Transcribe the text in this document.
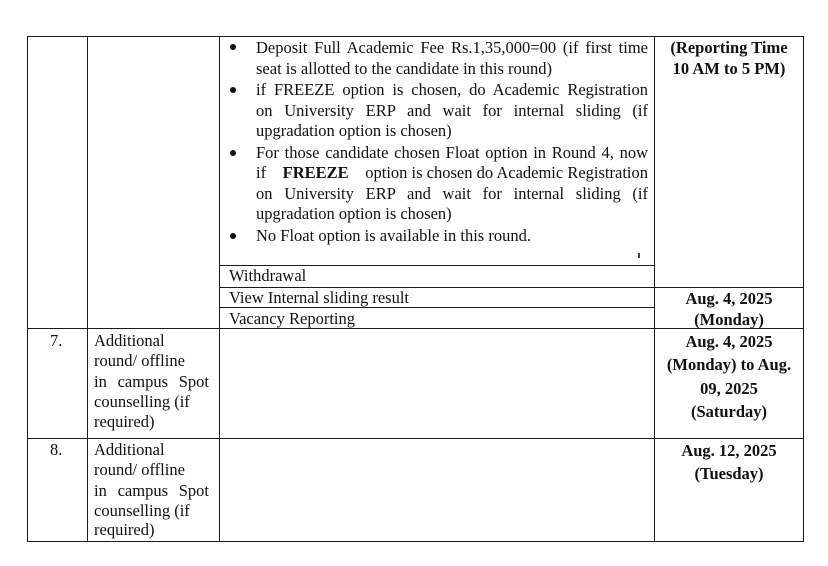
Deposit Full Academic Fee Rs.1,35,000=00 (if first time
seat is allotted to the candidate in this round)
if FREEZE option is chosen, do Academic Registration
on University ERP and wait for internal sliding (if
upgradation option is chosen)
For those candidate chosen Float option in Round 4, now
if FREEZE option is chosen do Academic Registration
on University ERP and wait for internal sliding (if
upgradation option is chosen)
No Float option is available in this round.
(Reporting Time
10 AM to 5 PM)
Withdrawal
View Internal sliding result
Vacancy Reporting
Aug. 4, 2025
(Monday)
7. Additional
round/ offline
in campus Spot
counselling (if
required)
Aug. 4, 2025
(Monday) to Aug.
09, 2025
(Saturday)
8. Additional
round/ offline
in campus Spot
counselling (if
required)
Aug. 12, 2025
(Tuesday)
